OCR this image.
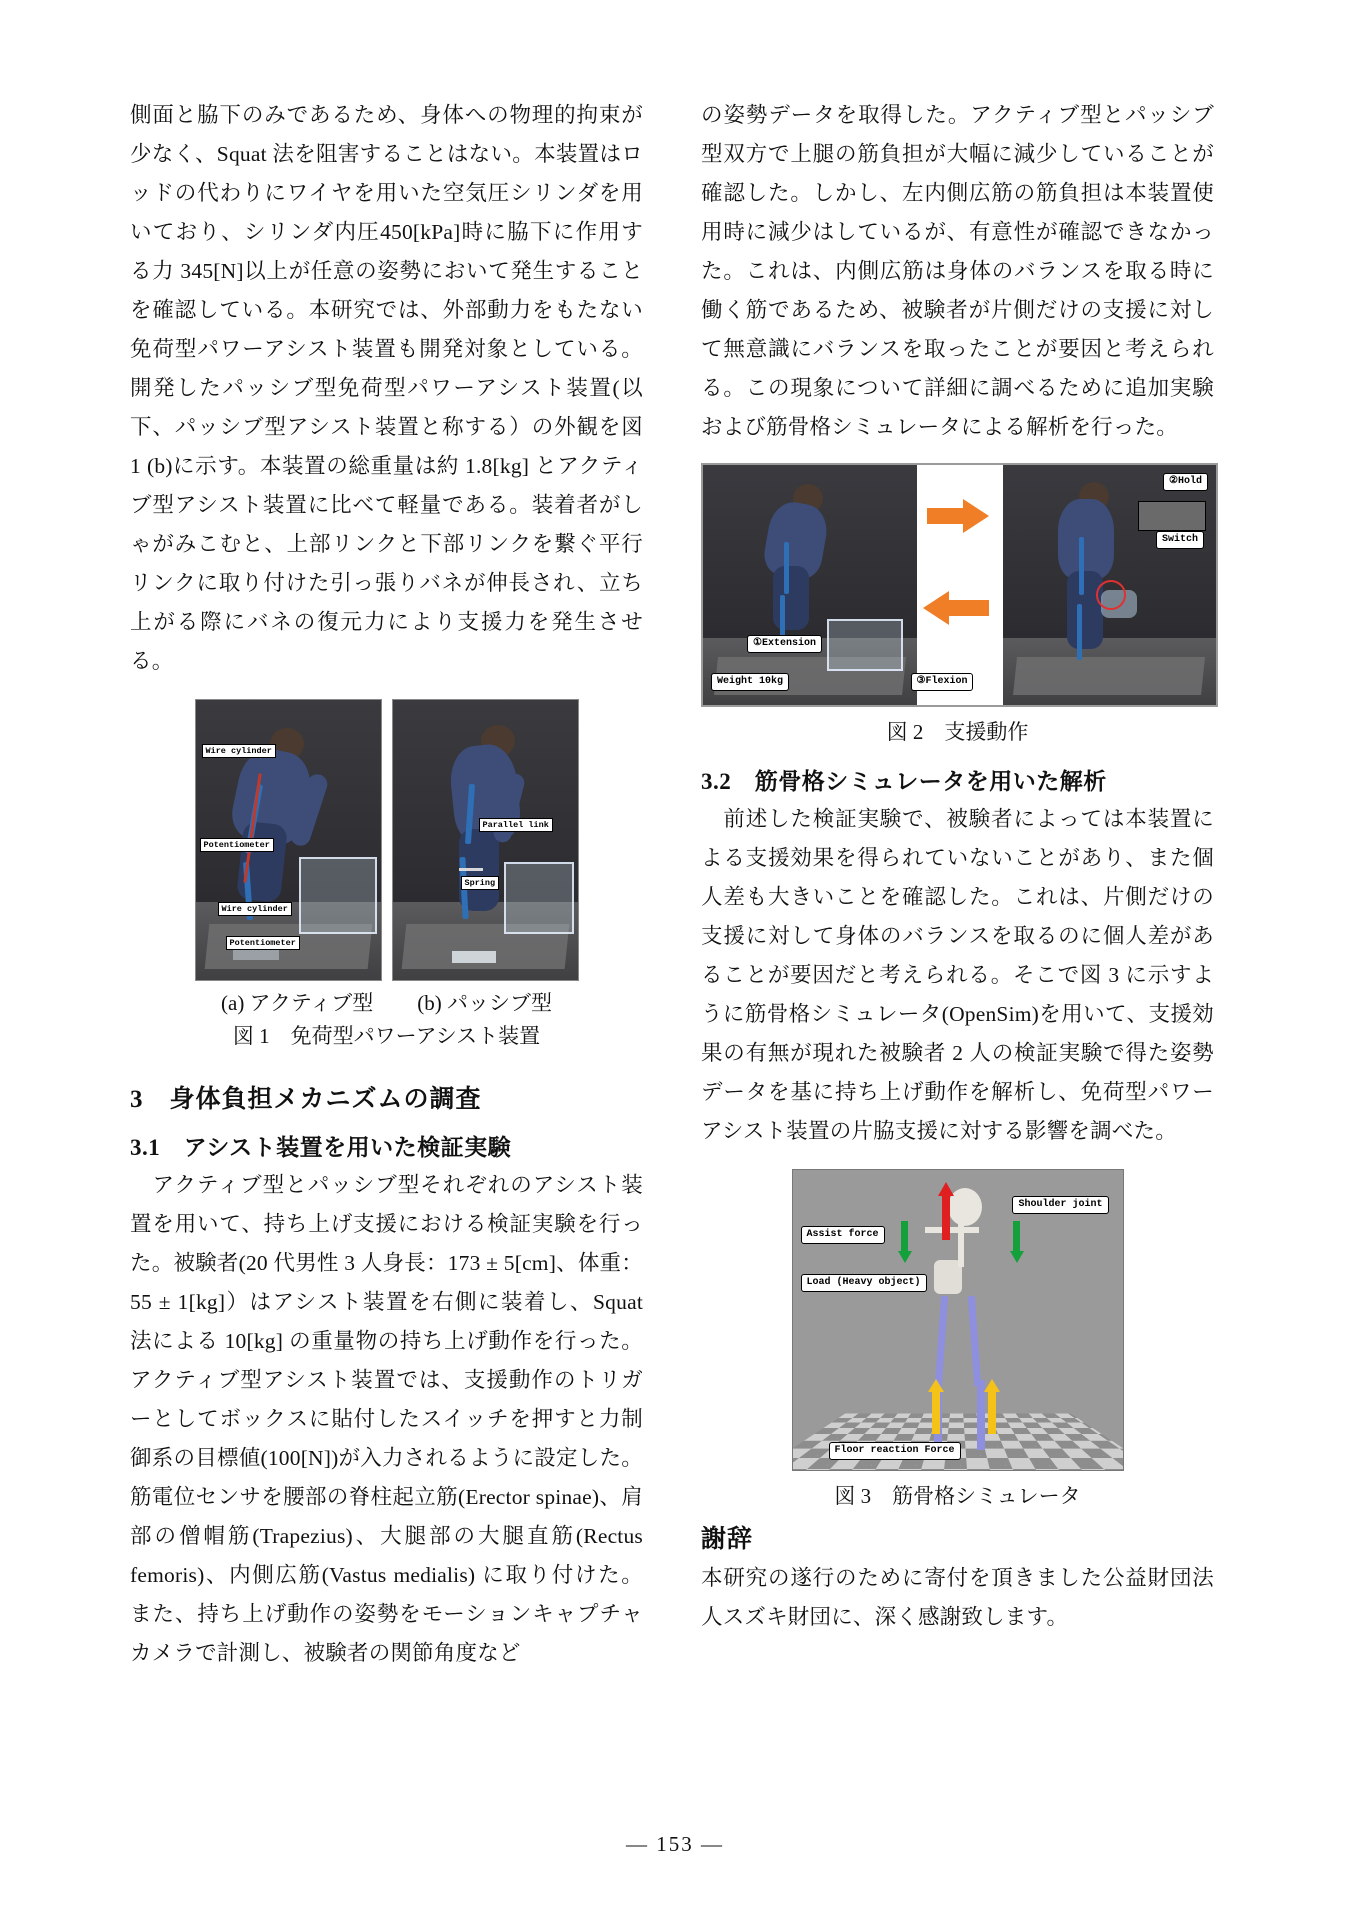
側面と脇下のみであるため、身体への物理的拘束が少なく、Squat 法を阻害することはない。本装置はロッドの代わりにワイヤを用いた空気圧シリンダを用いており、シリンダ内圧450[kPa]時に脇下に作用する力 345[N]以上が任意の姿勢において発生することを確認している。本研究では、外部動力をもたない免荷型パワーアシスト装置も開発対象としている。開発したパッシブ型免荷型パワーアシスト装置(以下、パッシブ型アシスト装置と称する）の外観を図 1 (b)に示す。本装置の総重量は約 1.8[kg] とアクティブ型アシスト装置に比べて軽量である。装着者がしゃがみこむと、上部リンクと下部リンクを繋ぐ平行リンクに取り付けた引っ張りバネが伸長され、立ち上がる際にバネの復元力により支援力を発生させる。

Wire cylinder
Potentiometer
Wire cylinder
Potentiometer
Parallel link
Spring
(a) アクティブ型 (b) パッシブ型
図 1　免荷型パワーアシスト装置
3　身体負担メカニズムの調査
3.1　アシスト装置を用いた検証実験

　アクティブ型とパッシブ型それぞれのアシスト装置を用いて、持ち上げ支援における検証実験を行った。被験者(20 代男性 3 人身長：173 ± 5[cm]、体重：55 ± 1[kg]）はアシスト装置を右側に装着し、Squat 法による 10[kg] の重量物の持ち上げ動作を行った。アクティブ型アシスト装置では、支援動作のトリガーとしてボックスに貼付したスイッチを押すと力制御系の目標値(100[N])が入力されるように設定した。筋電位センサを腰部の脊柱起立筋(Erector spinae)、肩部の僧帽筋(Trapezius)、大腿部の大腿直筋(Rectus femoris)、内側広筋(Vastus medialis) に取り付けた。また、持ち上げ動作の姿勢をモーションキャプチャカメラで計測し、被験者の関節角度など

の姿勢データを取得した。アクティブ型とパッシブ型双方で上腿の筋負担が大幅に減少していることが確認した。しかし、左内側広筋の筋負担は本装置使用時に減少はしているが、有意性が確認できなかった。これは、内側広筋は身体のバランスを取る時に働く筋であるため、被験者が片側だけの支援に対して無意識にバランスを取ったことが要因と考えられる。この現象について詳細に調べるために追加実験および筋骨格シミュレータによる解析を行った。

①Extension
Weight 10kg	③Flexion
②Hold
Switch
図 2　支援動作
3.2　筋骨格シミュレータを用いた解析

　前述した検証実験で、被験者によっては本装置による支援効果を得られていないことがあり、また個人差も大きいことを確認した。これは、片側だけの支援に対して身体のバランスを取るのに個人差があることが要因だと考えられる。そこで図 3 に示すように筋骨格シミュレータ(OpenSim)を用いて、支援効果の有無が現れた被験者 2 人の検証実験で得た姿勢データを基に持ち上げ動作を解析し、免荷型パワーアシスト装置の片脇支援に対する影響を調べた。

Assist force
Shoulder joint
Load (Heavy object)
Floor reaction Force
図 3　筋骨格シミュレータ
謝辞

本研究の遂行のために寄付を頂きました公益財団法人スズキ財団に、深く感謝致します。

— 153 —
